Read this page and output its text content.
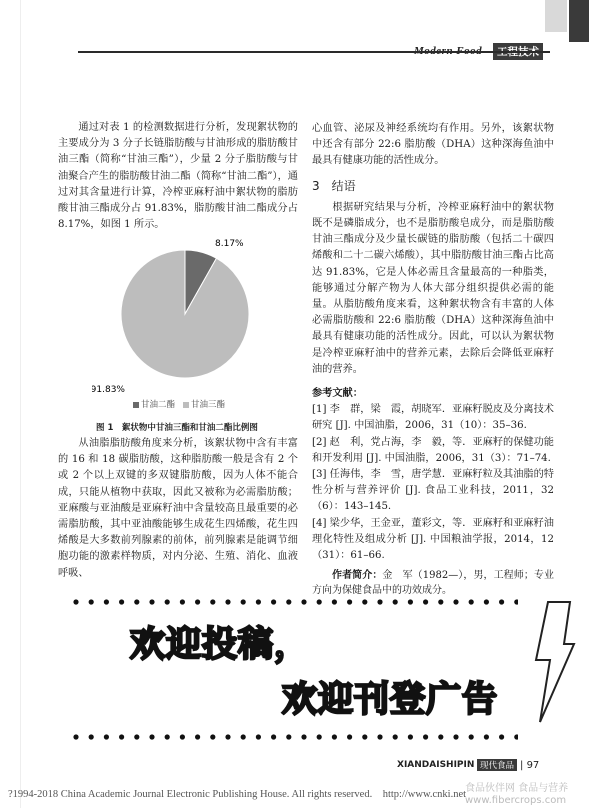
Modern Food	工程技术

通过对表 1 的检测数据进行分析，发现絮状物的主要成分为 3 分子长链脂肪酸与甘油形成的脂肪酸甘油三酯（简称“甘油三酯”），少量 2 分子脂肪酸与甘油聚合产生的脂肪酸甘油二酯（简称“甘油二酯”），通过对其含量进行计算，冷榨亚麻籽油中絮状物的脂肪酸甘油三酯成分占 91.83%，脂肪酸甘油二酯成分占 8.17%，如图 1 所示。

8.17%
91.83%
甘油二酯	甘油三酯
图 1　絮状物中甘油三酯和甘油二酯比例图

从油脂脂肪酸角度来分析，该絮状物中含有丰富的 16 和 18 碳脂肪酸，这种脂肪酸一般是含有 2 个或 2 个以上双键的多双键脂肪酸，因为人体不能合成，只能从植物中获取，因此又被称为必需脂肪酸；亚麻酸与亚油酸是亚麻籽油中含量较高且最重要的必需脂肪酸，其中亚油酸能够生成花生四烯酸，花生四烯酸是大多数前列腺素的前体，前列腺素是能调节细胞功能的激素样物质，对内分泌、生殖、消化、血液呼吸、

心血管、泌尿及神经系统均有作用。另外，该絮状物中还含有部分 22:6 脂肪酸（DHA）这种深海鱼油中最具有健康功能的活性成分。

3　结语

根据研究结果与分析，冷榨亚麻籽油中的絮状物既不是磷脂成分，也不是脂肪酸皂成分，而是脂肪酸甘油三酯成分及少量长碳链的脂肪酸（包括二十碳四烯酸和二十二碳六烯酸），其中脂肪酸甘油三酯占比高达 91.83%，它是人体必需且含量最高的一种脂类，能够通过分解产物为人体大部分组织提供必需的能量。从脂肪酸角度来看，这种絮状物含有丰富的人体必需脂肪酸和 22:6 脂肪酸（DHA）这种深海鱼油中最具有健康功能的活性成分。因此，可以认为絮状物是冷榨亚麻籽油中的营养元素，去除后会降低亚麻籽油的营养。

参考文献：

[1] 李　群，梁　霞，胡晓军．亚麻籽脱皮及分离技术研究 [J]. 中国油脂，2006，31（10）：35–36.

[2] 赵　利，党占海，李　毅，等．亚麻籽的保健功能和开发利用 [J]. 中国油脂，2006，31（3）：71–74.

[3] 任海伟，李　雪，唐学慧．亚麻籽粒及其油脂的特性分析与营养评价 [J]. 食品工业科技，2011，32（6）：143–145.

[4] 梁少华，王金亚，董彩文，等．亚麻籽和亚麻籽油理化特性及组成分析 [J]. 中国粮油学报，2014，12（31）：61–66.

作者简介：金　军（1982—），男，工程师；专业方向为保健食品中的功效成分。
欢迎投稿，
欢迎刊登广告
XIANDAISHIPIN 现代食品 | 97
?1994-2018 China Academic Journal Electronic Publishing House. All rights reserved.　http://www.cnki.net
食品伙伴网 食品与营养
www.fibercrops.com
